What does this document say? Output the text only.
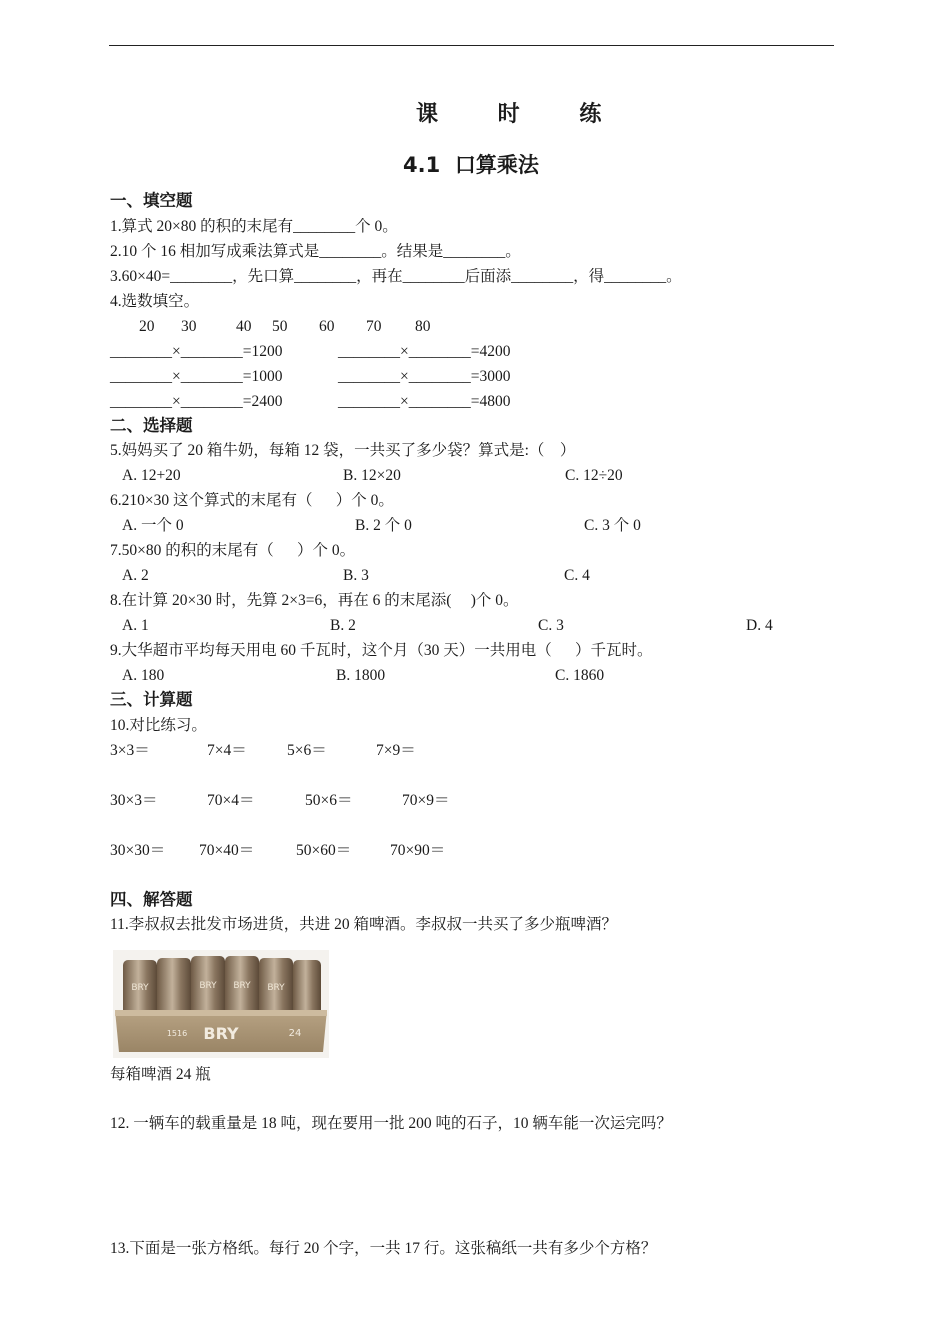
课 时 练
4.1  口算乘法
一、填空题
1.算式 20×80 的积的末尾有________个 0。
2.10 个 16 相加写成乘法算式是________。结果是________。
3.60×40=________，先口算________，再在________后面添________，得________。
4.选数填空。
20 30	40 50 60 70 80
________×________=1200	________×________=4200
________×________=1000	________×________=3000
________×________=2400	________×________=4800
二、选择题
5.妈妈买了 20 箱牛奶，每箱 12 袋，一共买了多少袋？算式是:（    ）
A. 12+20	B. 12×20	C. 12÷20
6.210×30 这个算式的末尾有（      ）个 0。
A. 一个 0	B. 2 个 0	C. 3 个 0
7.50×80 的积的末尾有（      ）个 0。
A. 2	B. 3	C. 4
8.在计算 20×30 时，先算 2×3=6，再在 6 的末尾添(     )个 0。
A. 1	B. 2	C. 3	D. 4
9.大华超市平均每天用电 60 千瓦时，这个月（30 天）一共用电（      ）千瓦时。
A. 180	B. 1800	C. 1860
三、计算题
10.对比练习。
3×3＝	7×4＝	5×6＝	7×9＝
30×3＝	70×4＝	50×6＝	70×9＝
30×30＝ 70×40＝	50×60＝	70×90＝
四、解答题
11.李叔叔去批发市场进货，共进 20 箱啤酒。李叔叔一共买了多少瓶啤酒？
BRY	BRY BRY BRY
BRY
1516	24
每箱啤酒 24 瓶
12. 一辆车的载重量是 18 吨，现在要用一批 200 吨的石子，10 辆车能一次运完吗？
13.下面是一张方格纸。每行 20 个字，一共 17 行。这张稿纸一共有多少个方格？
